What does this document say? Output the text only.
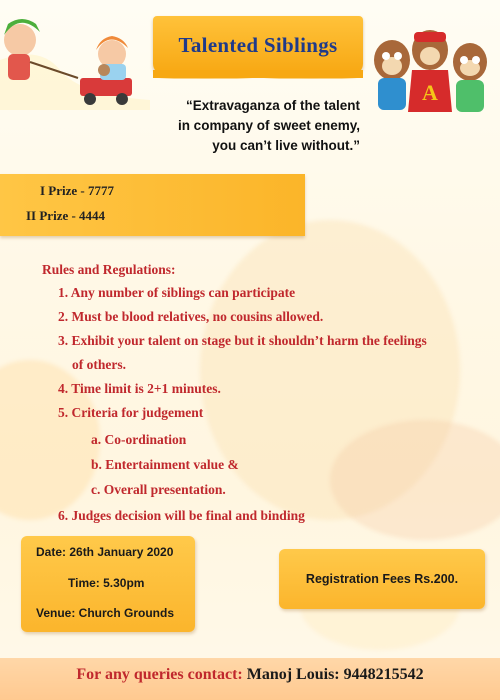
Talented Siblings
A
“Extravaganza of the talent
in company of sweet enemy,
you can’t live without.”
I Prize - 7777
II Prize - 4444
Rules and Regulations:
1. Any number of siblings can participate
2. Must be blood relatives, no cousins allowed.
3. Exhibit your talent on stage but it shouldn’t harm the feelings
of others.
4. Time limit is 2+1 minutes.
5. Criteria for judgement
a. Co-ordination
b. Entertainment value &
c. Overall presentation.
6. Judges decision will be final and binding
Date: 26th January 2020
Time: 5.30pm
Venue: Church Grounds
Registration Fees Rs.200.
For any queries contact: Manoj Louis: 9448215542
